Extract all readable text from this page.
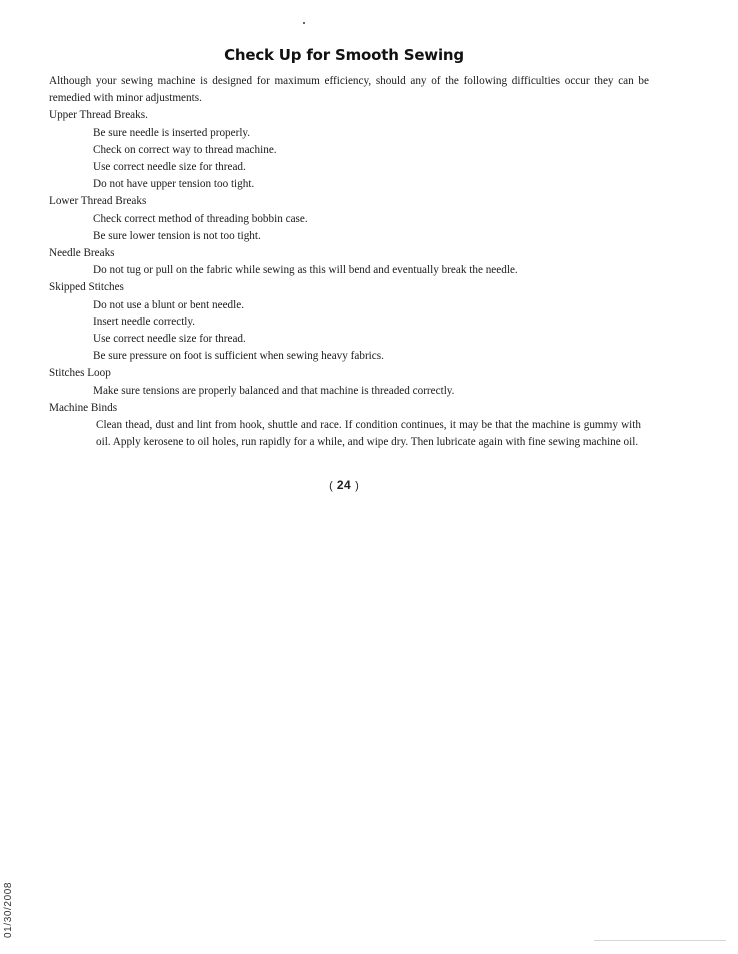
Check Up for Smooth Sewing

Although your sewing machine is designed for maximum efficiency, should any of the following difficulties occur they can be remedied with minor adjustments.

Upper Thread Breaks.

Be sure needle is inserted properly.

Check on correct way to thread machine.

Use correct needle size for thread.

Do not have upper tension too tight.

Lower Thread Breaks

Check correct method of threading bobbin case.

Be sure lower tension is not too tight.

Needle Breaks

Do not tug or pull on the fabric while sewing as this will bend and eventually break the needle.

Skipped Stitches

Do not use a blunt or bent needle.

Insert needle correctly.

Use correct needle size for thread.

Be sure pressure on foot is sufficient when sewing heavy fabrics.

Stitches Loop

Make sure tensions are properly balanced and that machine is threaded correctly.

Machine Binds

Clean thead, dust and lint from hook, shuttle and race. If condition continues, it may be that the machine is gummy with oil. Apply kerosene to oil holes, run rapidly for a while, and wipe dry. Then lubricate again with fine sewing machine oil.

( 24 )
01/30/2008
